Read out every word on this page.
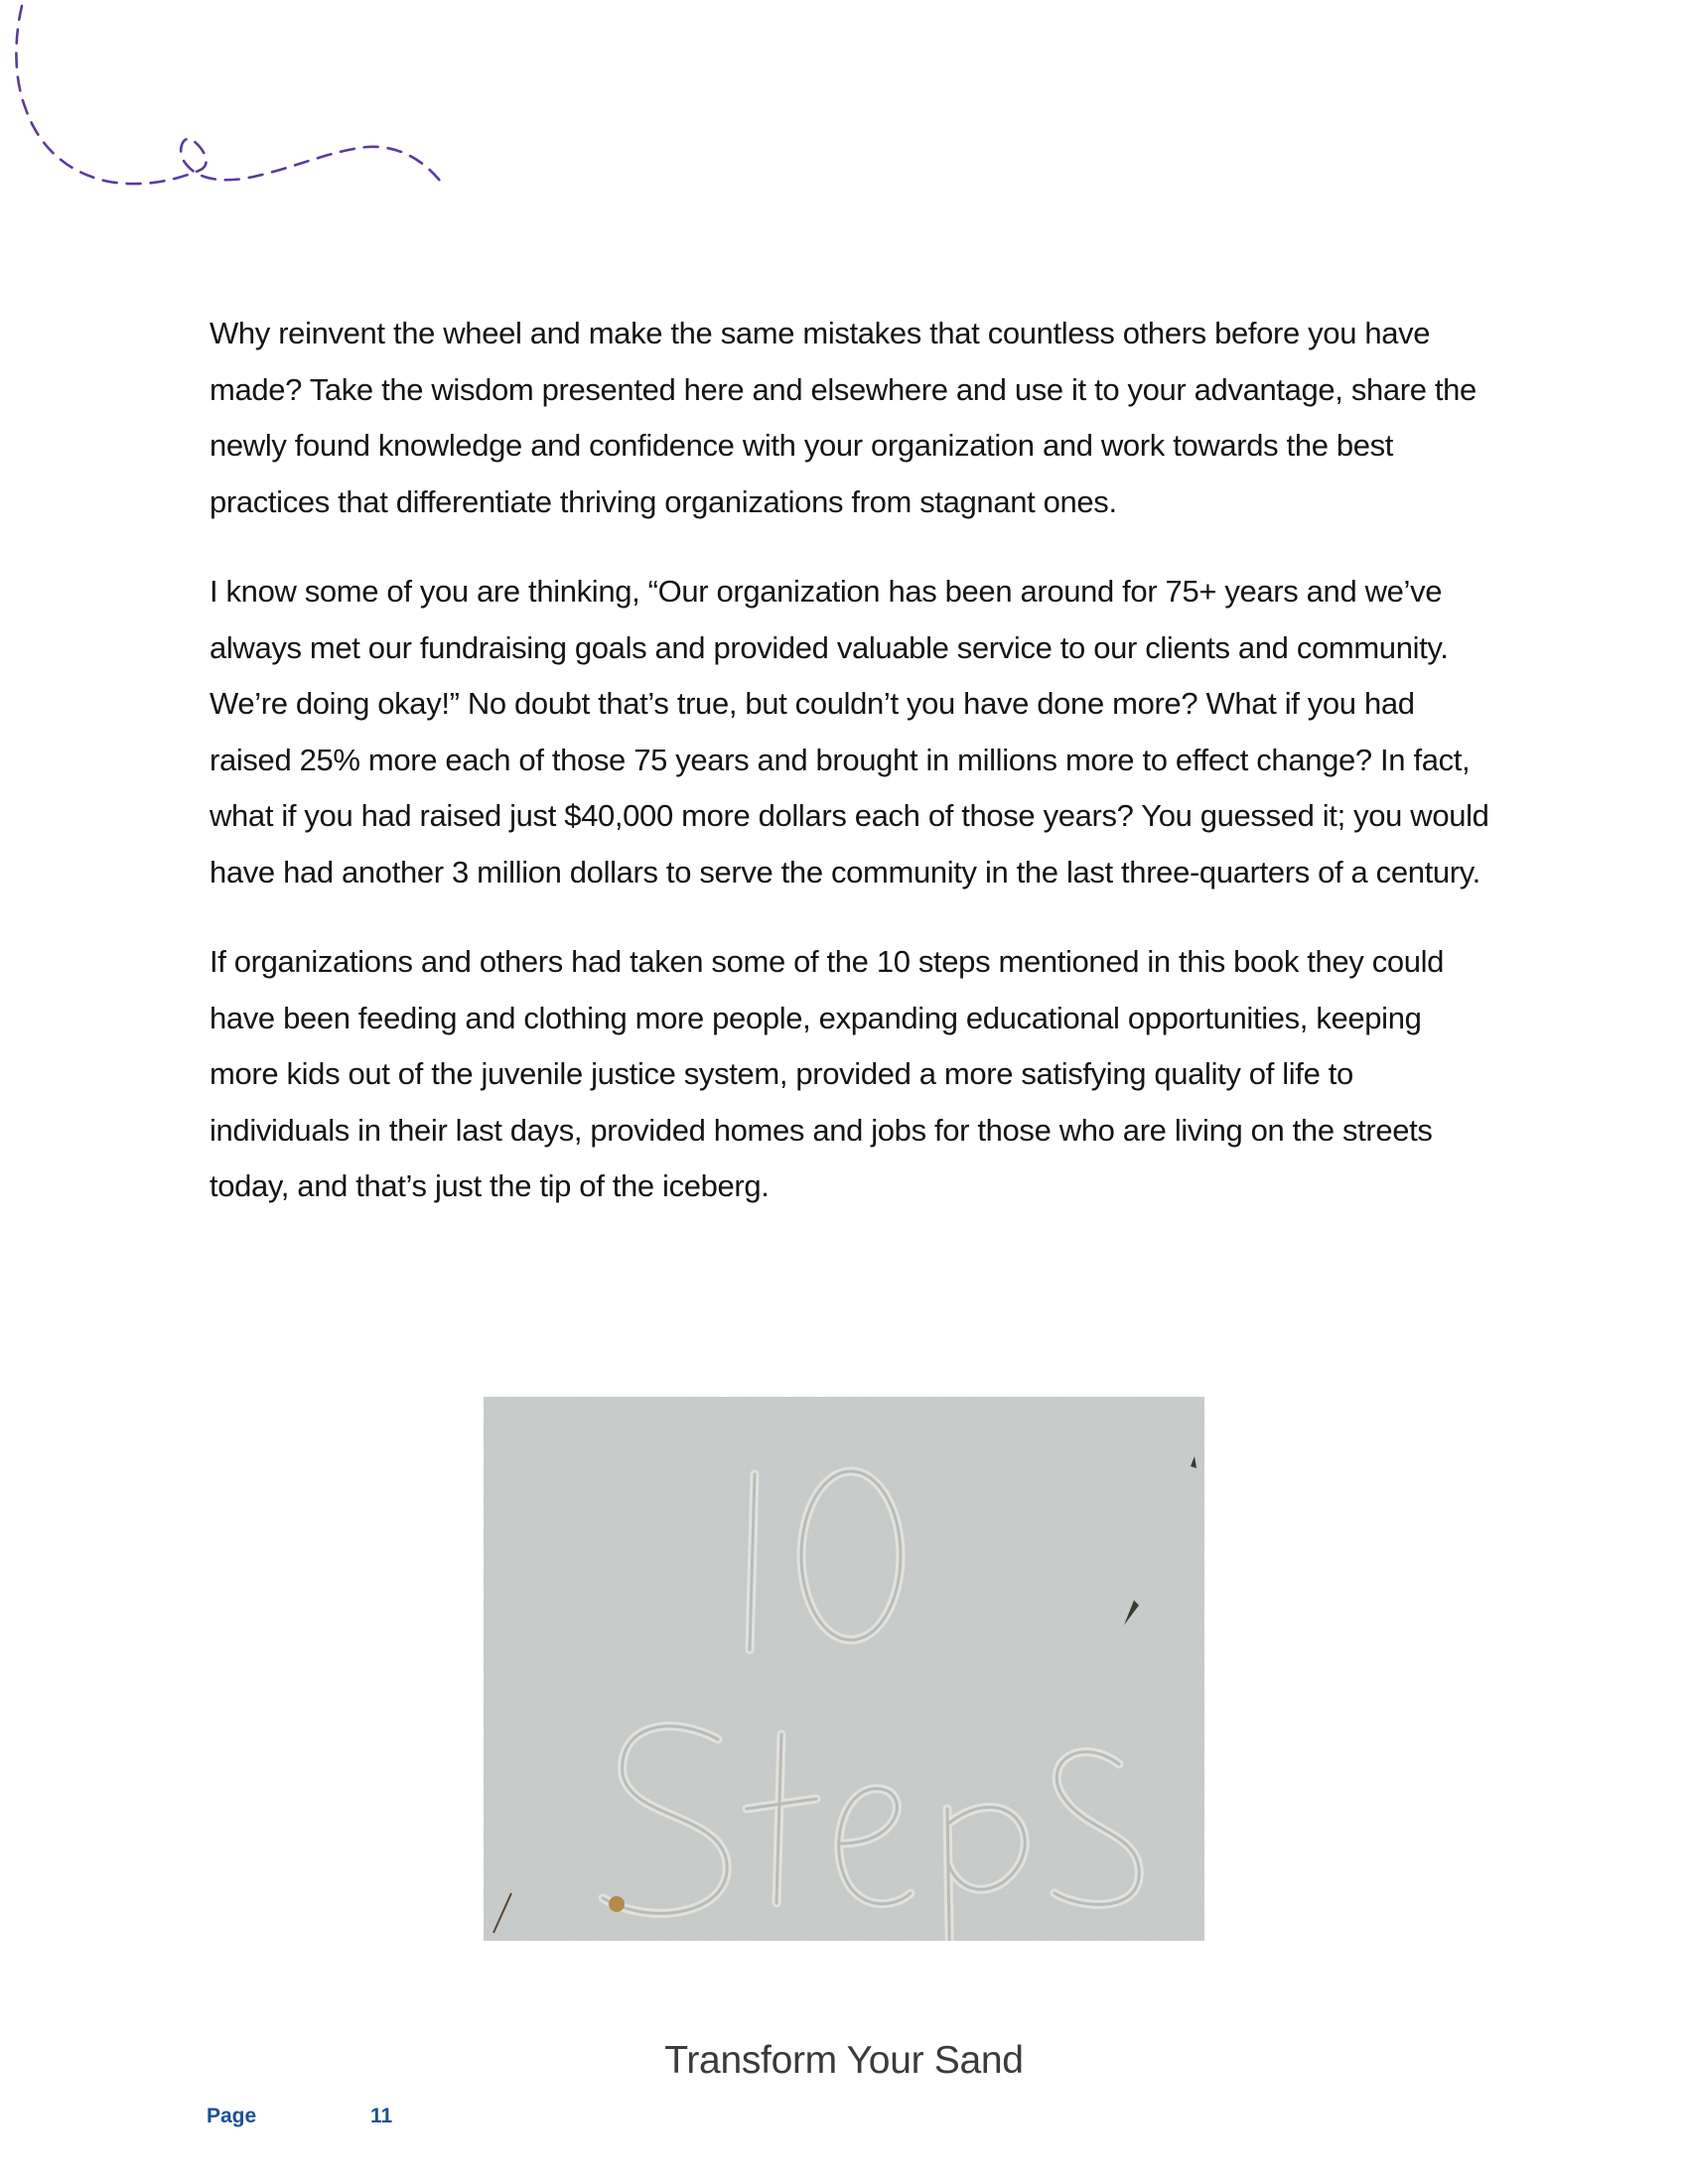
Why reinvent the wheel and make the same mistakes that countless others before you have made? Take the wisdom presented here and elsewhere and use it to your advantage, share the newly found knowledge and confidence with your organization and work towards the best practices that differentiate thriving organizations from stagnant ones.

I know some of you are thinking, “Our organization has been around for 75+ years and we’ve always met our fundraising goals and provided valuable service to our clients and community. We’re doing okay!” No doubt that’s true, but couldn’t you have done more? What if you had raised 25% more each of those 75 years and brought in millions more to effect change? In fact, what if you had raised just $40,000 more dollars each of those years? You guessed it; you would have had another 3 million dollars to serve the community in the last three-quarters of a century.

If organizations and others had taken some of the 10 steps mentioned in this book they could have been feeding and clothing more people, expanding educational opportunities, keeping more kids out of the juvenile justice system, provided a more satisfying quality of life to individuals in their last days, provided homes and jobs for those who are living on the streets today, and that’s just the tip of the iceberg.

Transform Your Sand
Page	11
